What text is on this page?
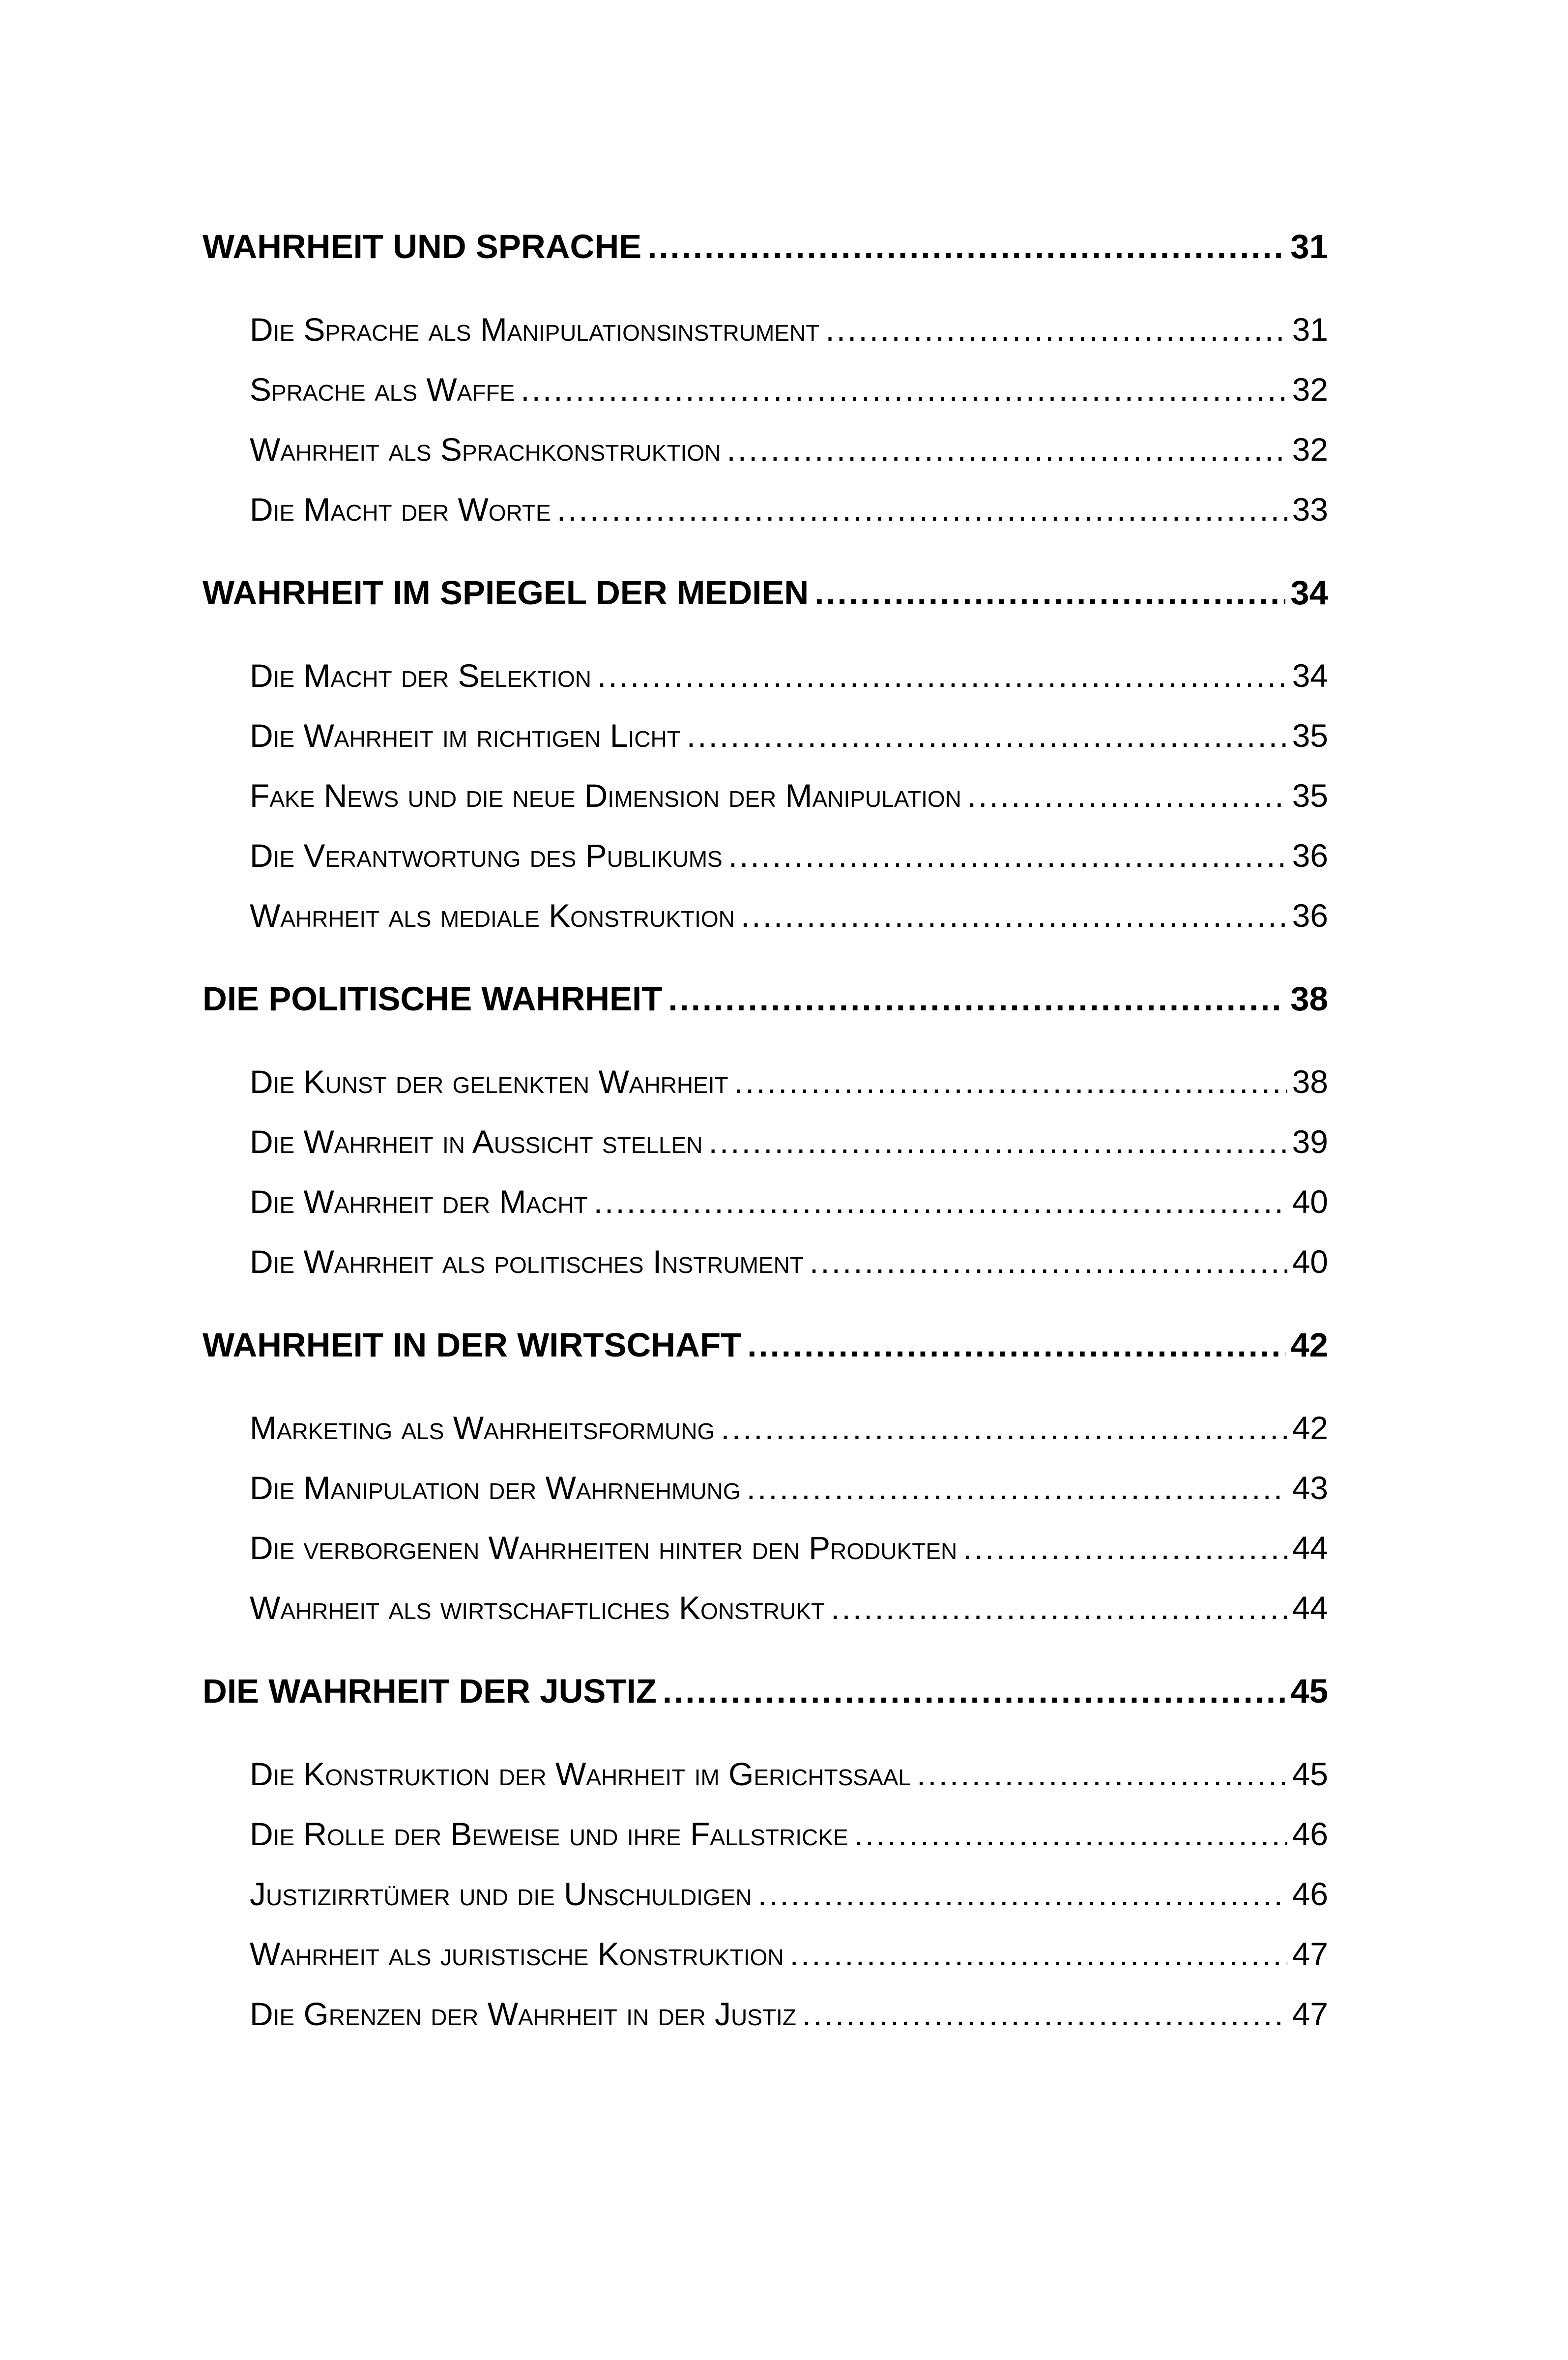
WAHRHEIT UND SPRACHE .....	31
Die Sprache als Manipulationsinstrument .....	31
Sprache als Waffe .....	32
Wahrheit als Sprachkonstruktion .....	32
Die Macht der Worte .....	33
WAHRHEIT IM SPIEGEL DER MEDIEN .....	34
Die Macht der Selektion .....	34
Die Wahrheit im richtigen Licht .....	35
Fake News und die neue Dimension der Manipulation .....	35
Die Verantwortung des Publikums .....	36
Wahrheit als mediale Konstruktion .....	36
DIE POLITISCHE WAHRHEIT .....	38
Die Kunst der gelenkten Wahrheit .....	38
Die Wahrheit in Aussicht stellen .....	39
Die Wahrheit der Macht .....	40
Die Wahrheit als politisches Instrument .....	40
WAHRHEIT IN DER WIRTSCHAFT .....	42
Marketing als Wahrheitsformung .....	42
Die Manipulation der Wahrnehmung .....	43
Die verborgenen Wahrheiten hinter den Produkten .....	44
Wahrheit als wirtschaftliches Konstrukt .....	44
DIE WAHRHEIT DER JUSTIZ .....	45
Die Konstruktion der Wahrheit im Gerichtssaal .....	45
Die Rolle der Beweise und ihre Fallstricke .....	46
Justizirrtümer und die Unschuldigen .....	46
Wahrheit als juristische Konstruktion .....	47
Die Grenzen der Wahrheit in der Justiz .....	47
